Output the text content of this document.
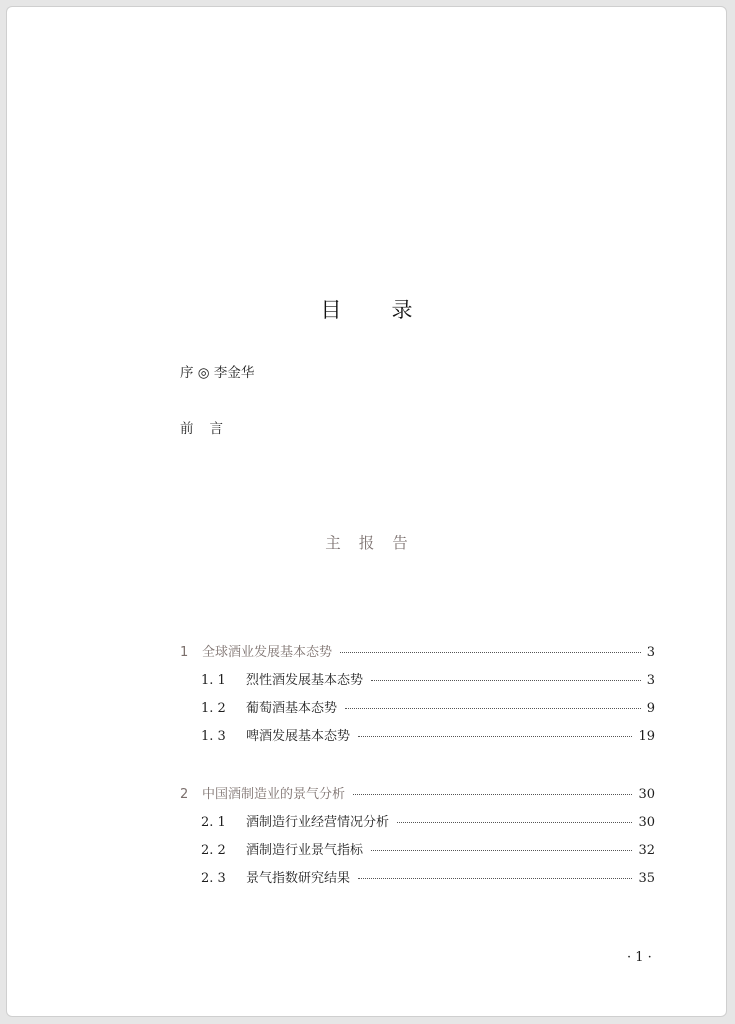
目 录
序 ◎ 李金华
前 言
主 报 告
1	全球酒业发展基本态势	3
1. 1	烈性酒发展基本态势	3
1. 2	葡萄酒基本态势	9
1. 3	啤酒发展基本态势	19
2	中国酒制造业的景气分析	30
2. 1	酒制造行业经营情况分析	30
2. 2	酒制造行业景气指标	32
2. 3	景气指数研究结果	35
· 1 ·
